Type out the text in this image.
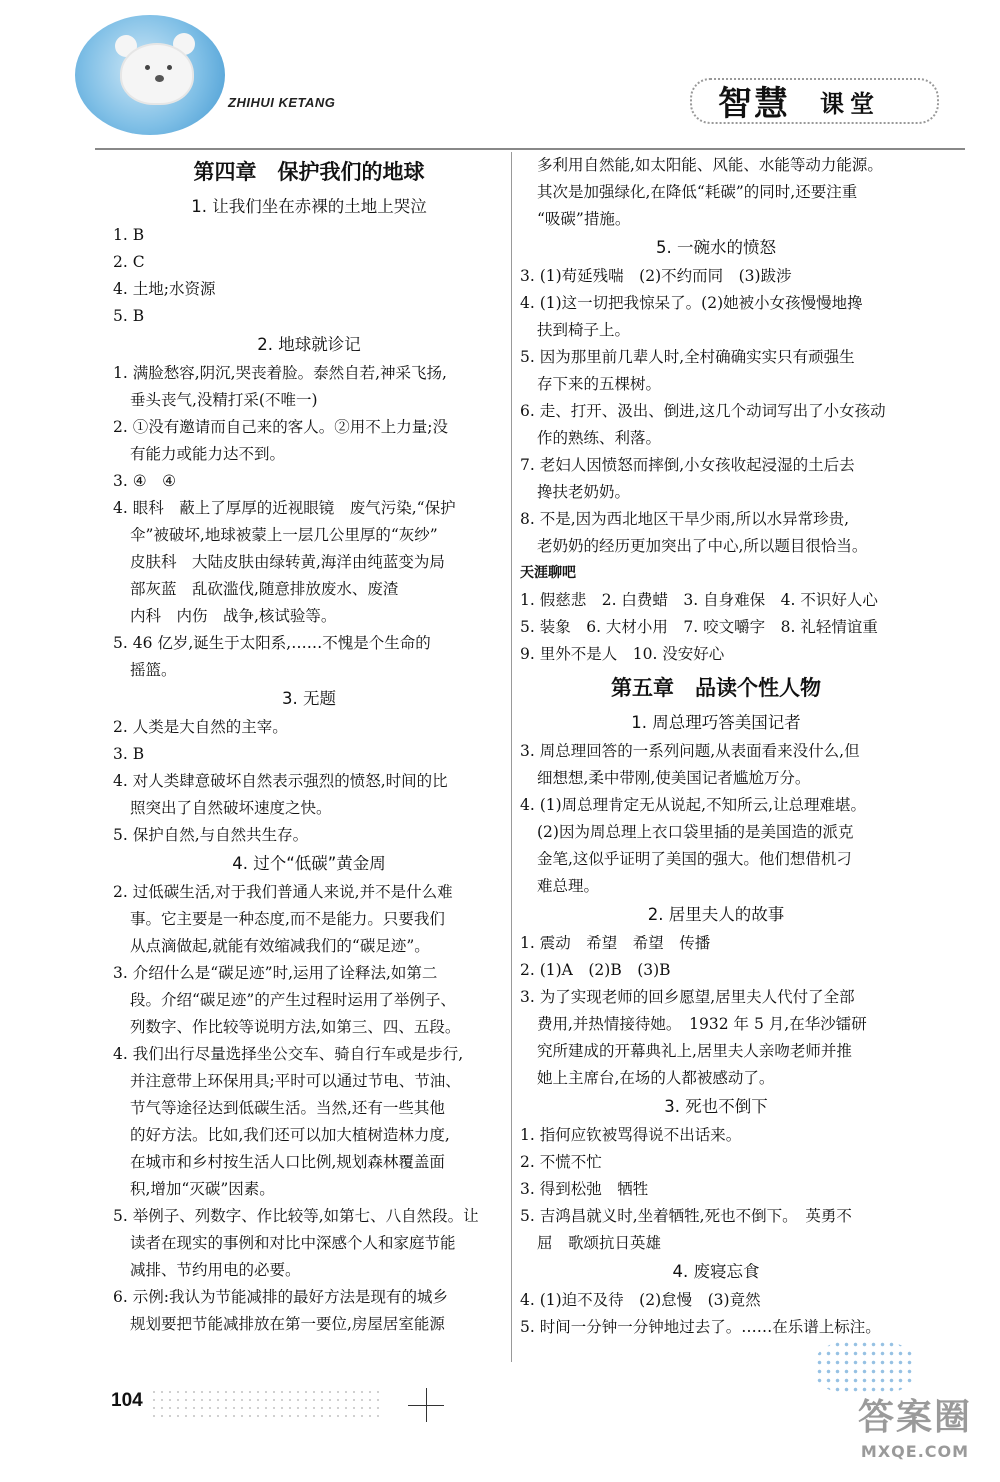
ZHIHUI KETANG	智慧 课堂

第四章　保护我们的地球

1. 让我们坐在赤裸的土地上哭泣

1. B

2. C

4. 土地;水资源

5. B

2. 地球就诊记

1. 满脸愁容,阴沉,哭丧着脸。泰然自若,神采飞扬,

垂头丧气,没精打采(不唯一)

2. ①没有邀请而自己来的客人。②用不上力量;没

有能力或能力达不到。

3. ④　④

4. 眼科　蔽上了厚厚的近视眼镜　废气污染,“保护

伞”被破坏,地球被蒙上一层几公里厚的“灰纱”

皮肤科　大陆皮肤由绿转黄,海洋由纯蓝变为局

部灰蓝　乱砍滥伐,随意排放废水、废渣

内科　内伤　战争,核试验等。

5. 46 亿岁,诞生于太阳系,……不愧是个生命的

摇篮。

3. 无题

2. 人类是大自然的主宰。

3. B

4. 对人类肆意破坏自然表示强烈的愤怒,时间的比

照突出了自然破坏速度之快。

5. 保护自然,与自然共生存。

4. 过个“低碳”黄金周

2. 过低碳生活,对于我们普通人来说,并不是什么难

事。它主要是一种态度,而不是能力。只要我们

从点滴做起,就能有效缩减我们的“碳足迹”。

3. 介绍什么是“碳足迹”时,运用了诠释法,如第二

段。介绍“碳足迹”的产生过程时运用了举例子、

列数字、作比较等说明方法,如第三、四、五段。

4. 我们出行尽量选择坐公交车、骑自行车或是步行,

并注意带上环保用具;平时可以通过节电、节油、

节气等途径达到低碳生活。当然,还有一些其他

的好方法。比如,我们还可以加大植树造林力度,

在城市和乡村按生活人口比例,规划森林覆盖面

积,增加“灭碳”因素。

5. 举例子、列数字、作比较等,如第七、八自然段。让

读者在现实的事例和对比中深感个人和家庭节能

减排、节约用电的必要。

6. 示例:我认为节能减排的最好方法是现有的城乡

规划要把节能减排放在第一要位,房屋居室能源

多利用自然能,如太阳能、风能、水能等动力能源。

其次是加强绿化,在降低“耗碳”的同时,还要注重

“吸碳”措施。

5. 一碗水的愤怒

3. (1)苟延残喘　(2)不约而同　(3)跋涉

4. (1)这一切把我惊呆了。(2)她被小女孩慢慢地搀

扶到椅子上。

5. 因为那里前几辈人时,全村确确实实只有顽强生

存下来的五棵树。

6. 走、打开、汲出、倒进,这几个动词写出了小女孩动

作的熟练、利落。

7. 老妇人因愤怒而摔倒,小女孩收起浸湿的土后去

搀扶老奶奶。

8. 不是,因为西北地区干旱少雨,所以水异常珍贵,

老奶奶的经历更加突出了中心,所以题目很恰当。

天涯聊吧

1. 假慈悲　2. 白费蜡　3. 自身难保　4. 不识好人心

5. 装象　6. 大材小用　7. 咬文嚼字　8. 礼轻情谊重

9. 里外不是人　10. 没安好心

第五章　品读个性人物

1. 周总理巧答美国记者

3. 周总理回答的一系列问题,从表面看来没什么,但

细想想,柔中带刚,使美国记者尴尬万分。

4. (1)周总理肯定无从说起,不知所云,让总理难堪。

(2)因为周总理上衣口袋里插的是美国造的派克

金笔,这似乎证明了美国的强大。他们想借机刁

难总理。

2. 居里夫人的故事

1. 震动　希望　希望　传播

2. (1)A　(2)B　(3)B

3. 为了实现老师的回乡愿望,居里夫人代付了全部

费用,并热情接待她。　1932 年 5 月,在华沙镭研

究所建成的开幕典礼上,居里夫人亲吻老师并推

她上主席台,在场的人都被感动了。

3. 死也不倒下

1. 指何应钦被骂得说不出话来。

2. 不慌不忙

3. 得到松弛　牺牲

5. 吉鸿昌就义时,坐着牺牲,死也不倒下。　英勇不

屈　歌颂抗日英雄

4. 废寝忘食

4. (1)迫不及待　(2)怠慢　(3)竟然

5. 时间一分钟一分钟地过去了。……在乐谱上标注。

104	答案圈
MXQE.COM
